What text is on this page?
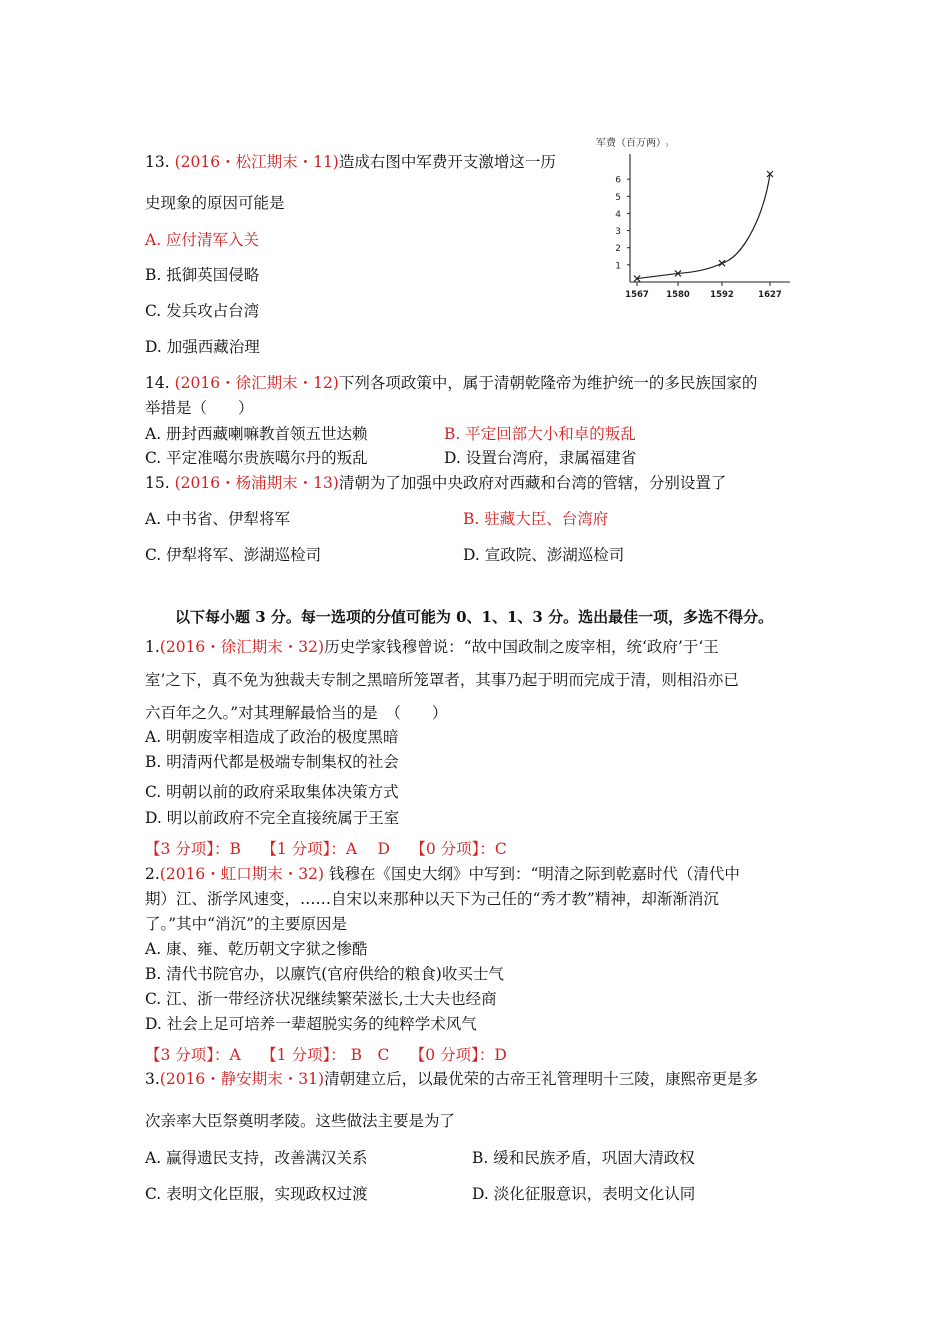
13. (2016・松江期末・11)造成右图中军费开支激增这一历
史现象的原因可能是
A. 应付清军入关
B. 抵御英国侵略
C. 发兵攻占台湾
D. 加强西藏治理
军费（百万两）
1
2
3
4
5
6
1567 1580 1592	1627
14. (2016・徐汇期末・12)下列各项政策中，属于清朝乾隆帝为维护统一的多民族国家的
举措是（　　）
A. 册封西藏喇嘛教首领五世达赖	B. 平定回部大小和卓的叛乱
C. 平定准噶尔贵族噶尔丹的叛乱	D. 设置台湾府，隶属福建省
15. (2016・杨浦期末・13)清朝为了加强中央政府对西藏和台湾的管辖，分别设置了
A. 中书省、伊犁将军	B. 驻藏大臣、台湾府
C. 伊犁将军、澎湖巡检司	D. 宣政院、澎湖巡检司
以下每小题 3 分。每一选项的分值可能为 0、1、1、3 分。选出最佳一项，多选不得分。
1.(2016・徐汇期末・32)历史学家钱穆曾说：“故中国政制之废宰相，统‘政府’于‘王
室’之下，真不免为独裁夫专制之黑暗所笼罩者，其事乃起于明而完成于清，则相沿亦已
六百年之久。”对其理解最恰当的是　（　　）
A. 明朝废宰相造成了政治的极度黑暗
B. 明清两代都是极端专制集权的社会
C. 明朝以前的政府采取集体决策方式
D. 明以前政府不完全直接统属于王室
【3 分项】：B　 【1 分项】：A　 D　 【0 分项】：C
2.(2016・虹口期末・32) 钱穆在《国史大纲》中写到：“明清之际到乾嘉时代（清代中
期）江、浙学风速变，……自宋以来那种以天下为己任的“秀才教”精神，却渐渐消沉
了。”其中“消沉”的主要原因是
A. 康、雍、乾历朝文字狱之惨酷
B. 清代书院官办，以廪饩(官府供给的粮食)收买士气
C. 江、浙一带经济状况继续繁荣滋长,士大夫也经商
D. 社会上足可培养一辈超脱实务的纯粹学术风气
【3 分项】：A　 【1 分项】： B　C　 【0 分项】：D
3.(2016・静安期末・31)清朝建立后，以最优荣的古帝王礼管理明十三陵，康熙帝更是多
次亲率大臣祭奠明孝陵。这些做法主要是为了
A. 赢得遗民支持，改善满汉关系	B. 缓和民族矛盾，巩固大清政权
C. 表明文化臣服，实现政权过渡	D. 淡化征服意识，表明文化认同
